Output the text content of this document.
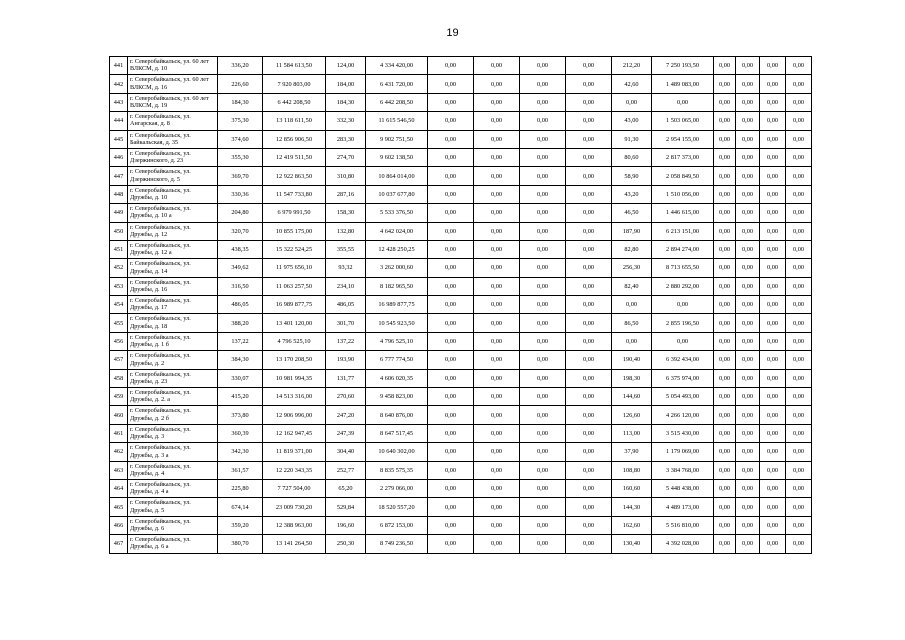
19
441	г. Северобайкальск, ул. 60 лет ВЛКСМ, д. 10	336,20	11 584 613,50	124,00	4 334 420,00	0,00	0,00	0,00	0,00	212,20	7 250 193,50	0,00	0,00	0,00	0,00
442	г. Северобайкальск, ул. 60 лет ВЛКСМ, д. 16	226,60	7 920 803,00	184,00	6 431 720,00	0,00	0,00	0,00	0,00	42,60	1 489 083,00	0,00	0,00	0,00	0,00
443	г. Северобайкальск, ул. 60 лет ВЛКСМ, д. 19	184,30	6 442 208,50	184,30	6 442 208,50	0,00	0,00	0,00	0,00	0,00	0,00	0,00	0,00	0,00	0,00
444	г. Северобайкальск, ул. Ангарская, д. 8	375,30	13 118 611,50	332,30	11 615 546,50	0,00	0,00	0,00	0,00	43,00	1 503 065,00	0,00	0,00	0,00	0,00
445	г. Северобайкальск, ул. Байкальская, д. 35	374,60	12 856 906,50	283,30	9 902 751,50	0,00	0,00	0,00	0,00	91,30	2 954 155,00	0,00	0,00	0,00	0,00
446	г. Северобайкальск, ул. Дзержинского, д. 23	355,30	12 419 511,50	274,70	9 602 138,50	0,00	0,00	0,00	0,00	80,60	2 817 373,00	0,00	0,00	0,00	0,00
447	г. Северобайкальск, ул. Дзержинского, д. 5	369,70	12 922 863,50	310,80	10 864 014,00	0,00	0,00	0,00	0,00	58,90	2 058 849,50	0,00	0,00	0,00	0,00
448	г. Северобайкальск, ул. Дружбы, д. 10	330,36	11 547 733,80	287,16	10 037 677,80	0,00	0,00	0,00	0,00	43,20	1 510 056,00	0,00	0,00	0,00	0,00
449	г. Северобайкальск, ул. Дружбы, д. 10 а	204,80	6 979 991,50	158,30	5 533 376,50	0,00	0,00	0,00	0,00	46,50	1 446 615,00	0,00	0,00	0,00	0,00
450	г. Северобайкальск, ул. Дружбы, д. 12	320,70	10 855 175,00	132,80	4 642 024,00	0,00	0,00	0,00	0,00	187,90	6 213 151,00	0,00	0,00	0,00	0,00
451	г. Северобайкальск, ул. Дружбы, д. 12 а	438,35	15 322 524,25	355,55	12 428 250,25	0,00	0,00	0,00	0,00	82,80	2 894 274,00	0,00	0,00	0,00	0,00
452	г. Северобайкальск, ул. Дружбы, д. 14	349,62	11 975 656,10	93,32	3 262 000,60	0,00	0,00	0,00	0,00	256,30	8 713 655,50	0,00	0,00	0,00	0,00
453	г. Северобайкальск, ул. Дружбы, д. 16	316,50	11 063 257,50	234,10	8 182 965,50	0,00	0,00	0,00	0,00	82,40	2 880 292,00	0,00	0,00	0,00	0,00
454	г. Северобайкальск, ул. Дружбы, д. 17	486,05	16 989 877,75	486,05	16 989 877,75	0,00	0,00	0,00	0,00	0,00	0,00	0,00	0,00	0,00	0,00
455	г. Северобайкальск, ул. Дружбы, д. 18	388,20	13 401 120,00	301,70	10 545 923,50	0,00	0,00	0,00	0,00	86,50	2 855 196,50	0,00	0,00	0,00	0,00
456	г. Северобайкальск, ул. Дружбы, д. 1 б	137,22	4 796 525,10	137,22	4 796 525,10	0,00	0,00	0,00	0,00	0,00	0,00	0,00	0,00	0,00	0,00
457	г. Северобайкальск, ул. Дружбы, д. 2	384,30	13 170 208,50	193,90	6 777 774,50	0,00	0,00	0,00	0,00	190,40	6 392 434,00	0,00	0,00	0,00	0,00
458	г. Северобайкальск, ул. Дружбы, д. 23	330,07	10 981 994,35	131,77	4 606 020,35	0,00	0,00	0,00	0,00	198,30	6 375 974,00	0,00	0,00	0,00	0,00
459	г. Северобайкальск, ул. Дружбы, д. 2. а	415,20	14 513 316,00	270,60	9 458 823,00	0,00	0,00	0,00	0,00	144,60	5 054 493,00	0,00	0,00	0,00	0,00
460	г. Северобайкальск, ул. Дружбы, д. 2 б	373,80	12 906 996,00	247,20	8 640 876,00	0,00	0,00	0,00	0,00	126,60	4 266 120,00	0,00	0,00	0,00	0,00
461	г. Северобайкальск, ул. Дружбы, д. 3	360,39	12 162 947,45	247,39	8 647 517,45	0,00	0,00	0,00	0,00	113,00	3 515 430,00	0,00	0,00	0,00	0,00
462	г. Северобайкальск, ул. Дружбы, д. 3 а	342,30	11 819 371,00	304,40	10 640 302,00	0,00	0,00	0,00	0,00	37,90	1 179 069,00	0,00	0,00	0,00	0,00
463	г. Северобайкальск, ул. Дружбы, д. 4	361,57	12 220 343,35	252,77	8 835 575,35	0,00	0,00	0,00	0,00	108,80	3 384 768,00	0,00	0,00	0,00	0,00
464	г. Северобайкальск, ул. Дружбы, д. 4 а	225,80	7 727 504,00	65,20	2 279 066,00	0,00	0,00	0,00	0,00	160,60	5 448 438,00	0,00	0,00	0,00	0,00
465	г. Северобайкальск, ул. Дружбы, д. 5	674,14	23 009 730,20	529,84	18 520 557,20	0,00	0,00	0,00	0,00	144,30	4 489 173,00	0,00	0,00	0,00	0,00
466	г. Северобайкальск, ул. Дружбы, д. 6	359,20	12 388 963,00	196,60	6 872 153,00	0,00	0,00	0,00	0,00	162,60	5 516 810,00	0,00	0,00	0,00	0,00
467	г. Северобайкальск, ул. Дружбы, д. 6 а	380,70	13 141 264,50	250,30	8 749 236,50	0,00	0,00	0,00	0,00	130,40	4 392 028,00	0,00	0,00	0,00	0,00
